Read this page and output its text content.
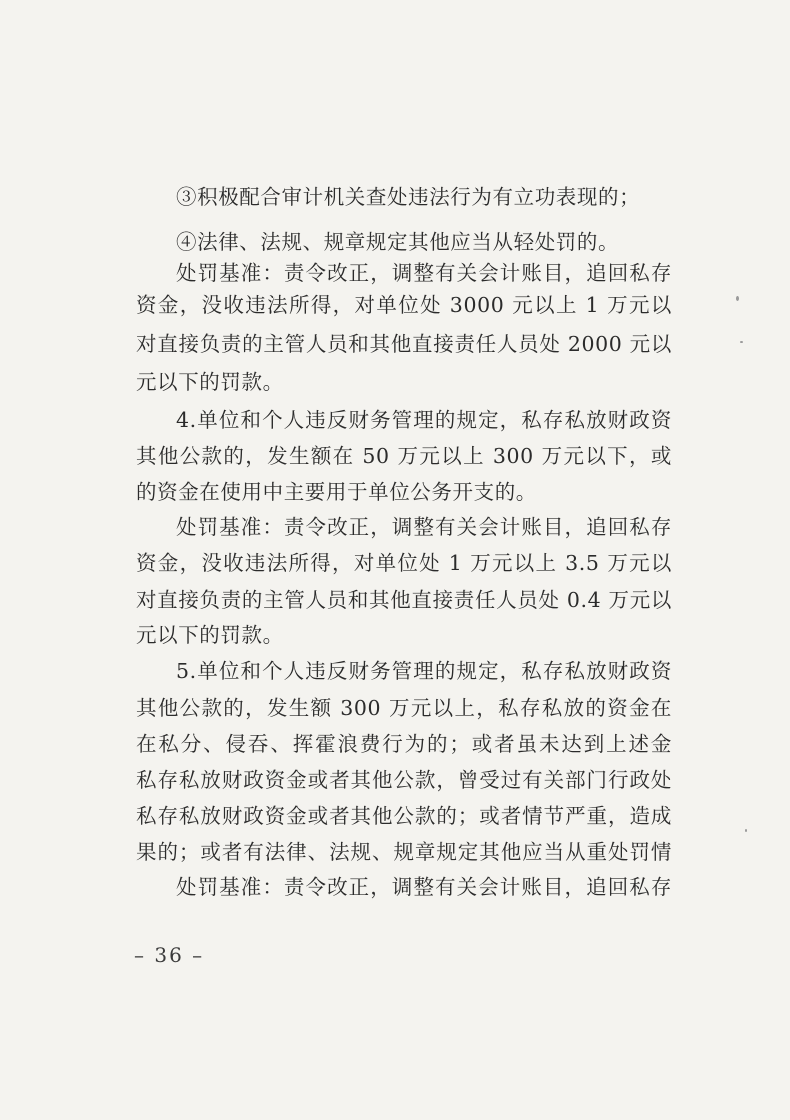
③积极配合审计机关查处违法行为有立功表现的；
④法律、法规、规章规定其他应当从轻处罚的。
处罚基准：责令改正，调整有关会计账目，追回私存
资金，没收违法所得，对单位处 3000 元以上 1 万元以
对直接负责的主管人员和其他直接责任人员处 2000 元以
元以下的罚款。
4.单位和个人违反财务管理的规定，私存私放财政资
其他公款的，发生额在 50 万元以上 300 万元以下，或
的资金在使用中主要用于单位公务开支的。
处罚基准：责令改正，调整有关会计账目，追回私存
资金，没收违法所得，对单位处 1 万元以上 3.5 万元以
对直接负责的主管人员和其他直接责任人员处 0.4 万元以
元以下的罚款。
5.单位和个人违反财务管理的规定，私存私放财政资
其他公款的，发生额 300 万元以上，私存私放的资金在
在私分、侵吞、挥霍浪费行为的；或者虽未达到上述金
私存私放财政资金或者其他公款，曾受过有关部门行政处
私存私放财政资金或者其他公款的；或者情节严重，造成
果的；或者有法律、法规、规章规定其他应当从重处罚情
处罚基准：责令改正，调整有关会计账目，追回私存
– 36 –
